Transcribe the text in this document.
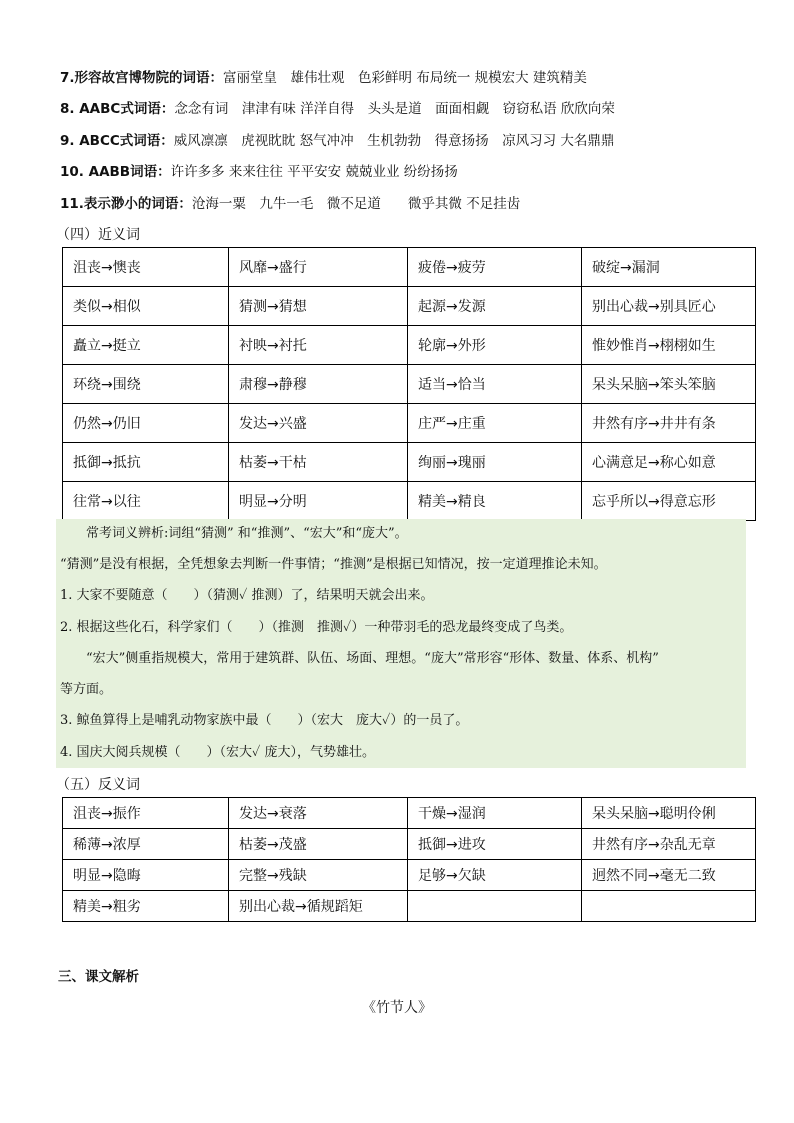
7.形容故宫博物院的词语：富丽堂皇　雄伟壮观　色彩鲜明 布局统一 规模宏大 建筑精美
8. AABC式词语：念念有词　津津有味 洋洋自得　头头是道　面面相觑　窃窃私语 欣欣向荣
9. ABCC式词语：威风凛凛　虎视眈眈 怒气冲冲　生机勃勃　得意扬扬　凉风习习 大名鼎鼎
10. AABB词语：许许多多 来来往往 平平安安 兢兢业业 纷纷扬扬
11.表示渺小的词语：沧海一粟　九牛一毛　微不足道　　微乎其微 不足挂齿
（四）近义词
沮丧→懊丧	风靡→盛行	疲倦→疲劳	破绽→漏洞
类似→相似	猜测→猜想	起源→发源	别出心裁→别具匠心
矗立→挺立	衬映→衬托	轮廓→外形	惟妙惟肖→栩栩如生
环绕→围绕	肃穆→静穆	适当→恰当	呆头呆脑→笨头笨脑
仍然→仍旧	发达→兴盛	庄严→庄重	井然有序→井井有条
抵御→抵抗	枯萎→干枯	绚丽→瑰丽	心满意足→称心如意
往常→以往	明显→分明	精美→精良	忘乎所以→得意忘形
常考词义辨析:词组“猜测” 和“推测”、“宏大”和“庞大”。
“猜测”是没有根据，全凭想象去判断一件事情；“推测”是根据已知情况，按一定道理推论未知。
1. 大家不要随意（　　）（猜测✓ 推测）了，结果明天就会出来。
2. 根据这些化石，科学家们（　　）（推测　推测✓）一种带羽毛的恐龙最终变成了鸟类。
“宏大”侧重指规模大，常用于建筑群、队伍、场面、理想。“庞大”常形容“形体、数量、体系、机构”
等方面。
3. 鲸鱼算得上是哺乳动物家族中最（　　）（宏大　庞大✓）的一员了。
4. 国庆大阅兵规模（　　）（宏大✓ 庞大），气势雄壮。
（五）反义词
沮丧→振作	发达→衰落	干燥→湿润	呆头呆脑→聪明伶俐
稀薄→浓厚	枯萎→茂盛	抵御→进攻	井然有序→杂乱无章
明显→隐晦	完整→残缺	足够→欠缺	迥然不同→毫无二致
精美→粗劣	别出心裁→循规蹈矩		
三、课文解析
《竹节人》
